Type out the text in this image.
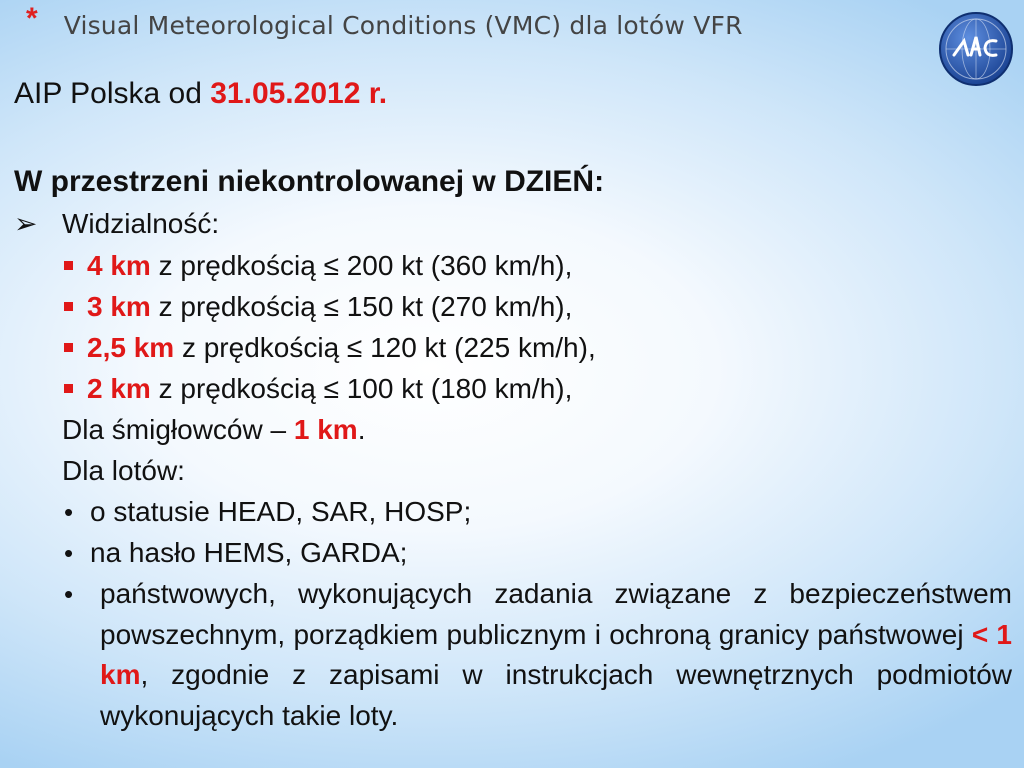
* Visual Meteorological Conditions (VMC) dla lotów VFR
AIP Polska od 31.05.2012 r.
W przestrzeni niekontrolowanej w DZIEŃ:
➢ Widzialność:
4 km z prędkością ≤ 200 kt (360 km/h),
3 km z prędkością ≤ 150 kt (270 km/h),
2,5 km z prędkością ≤ 120 kt (225 km/h),
2 km z prędkością ≤ 100 kt (180 km/h),
Dla śmigłowców – 1 km.
Dla lotów:
• o statusie HEAD, SAR, HOSP;
• na hasło HEMS, GARDA;
• państwowych, wykonujących zadania związane z bezpieczeństwem powszechnym, porządkiem publicznym i ochroną granicy państwowej < 1 km, zgodnie z zapisami w instrukcjach wewnętrznych podmiotów wykonujących takie loty.
